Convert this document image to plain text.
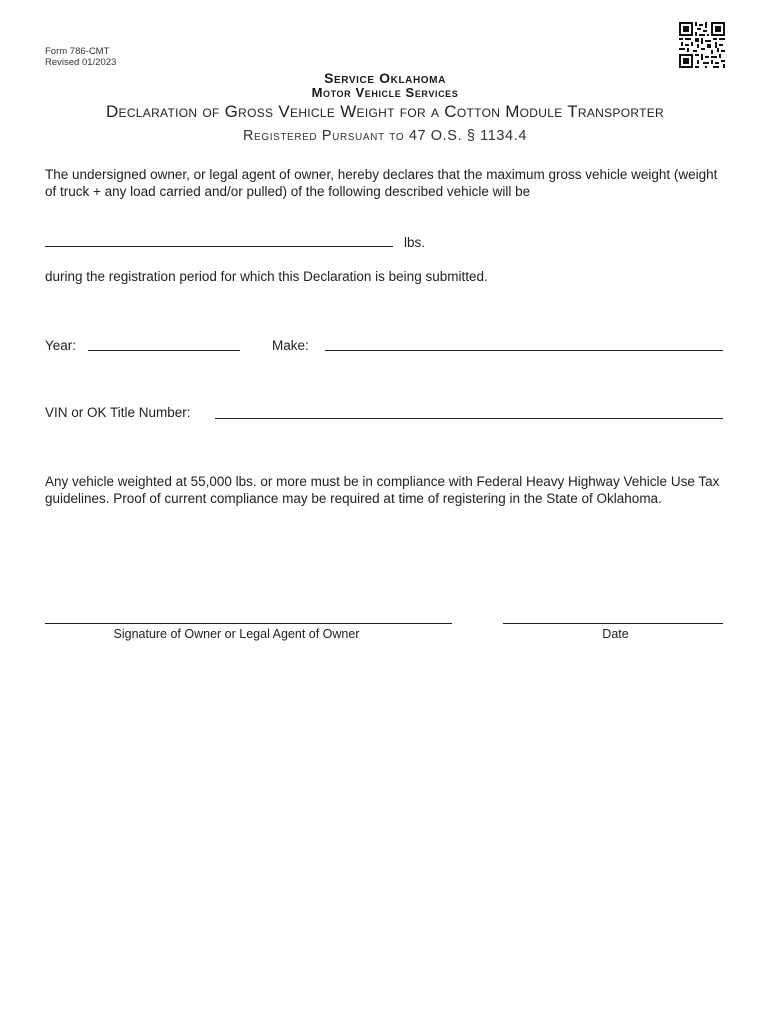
Form 786-CMT
Revised 01/2023
Service Oklahoma
Motor Vehicle Services
Declaration of Gross Vehicle Weight for a Cotton Module Transporter
Registered Pursuant to 47 O.S. § 1134.4
The undersigned owner, or legal agent of owner, hereby declares that the maximum gross vehicle weight (weight of truck + any load carried and/or pulled) of the following described vehicle will be
lbs.
during the registration period for which this Declaration is being submitted.
Year:	Make:
VIN or OK Title Number:
Any vehicle weighted at 55,000 lbs. or more must be in compliance with Federal Heavy Highway Vehicle Use Tax guidelines. Proof of current compliance may be required at time of registering in the State of Oklahoma.
Signature of Owner or Legal Agent of Owner	Date
